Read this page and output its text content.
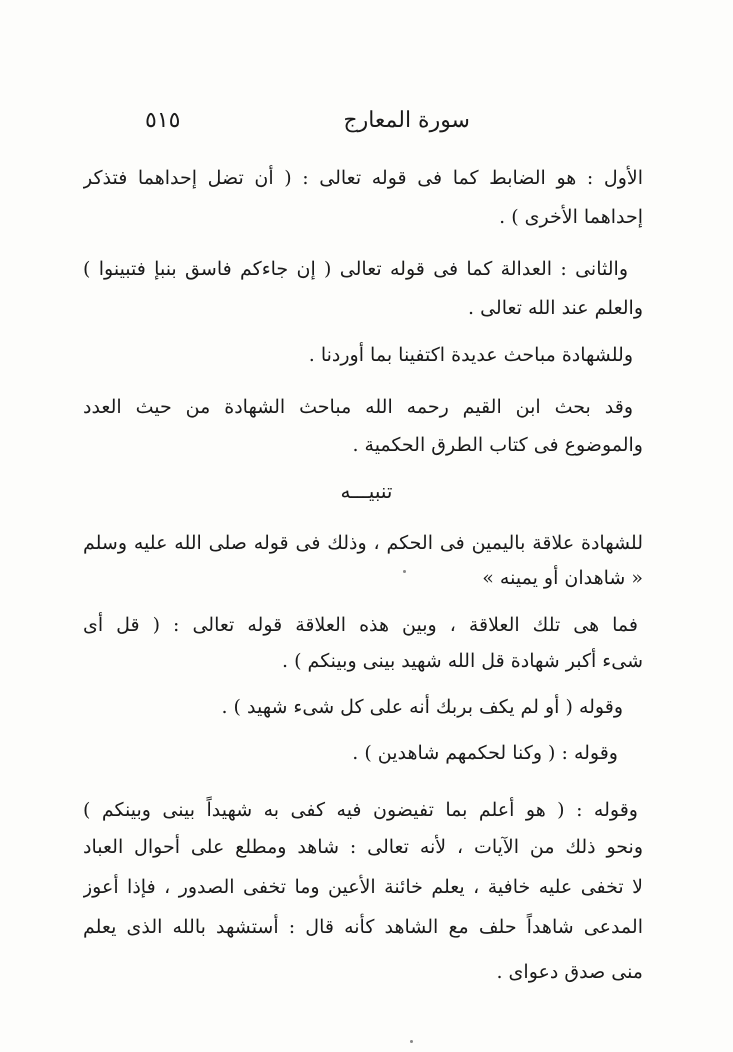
سورة المعارج
٥١٥
الأول : هو الضابط كما فى قوله تعالى : ( أن تضل إحداهما فتذكر
إحداهما الأخرى ) .
والثانى : العدالة كما فى قوله تعالى ( إن جاءكم فاسق بنبإ فتبينوا )
والعلم عند الله تعالى .
وللشهادة مباحث عديدة اكتفينا بما أوردنا .
وقد بحث ابن القيم رحمه الله مباحث الشهادة من حيث العدد
والموضوع فى كتاب الطرق الحكمية .
تنبيـــه
للشهادة علاقة باليمين فى الحكم ، وذلك فى قوله صلى الله عليه وسلم
« شاهدان أو يمينه »
فما هى تلك العلاقة ، وبين هذه العلاقة قوله تعالى : ( قل أى
شىء أكبر شهادة قل الله شهيد بينى وبينكم ) .
وقوله ( أو لم يكف بربك أنه على كل شىء شهيد ) .
وقوله : ( وكنا لحكمهم شاهدين ) .
وقوله : ( هو أعلم بما تفيضون فيه كفى به شهيداً بينى وبينكم )
ونحو ذلك من الآيات ، لأنه تعالى : شاهد ومطلع على أحوال العباد
لا تخفى عليه خافية ، يعلم خائنة الأعين وما تخفى الصدور ، فإذا أعوز
المدعى شاهداً حلف مع الشاهد كأنه قال : أستشهد بالله الذى يعلم
منى صدق دعواى .
